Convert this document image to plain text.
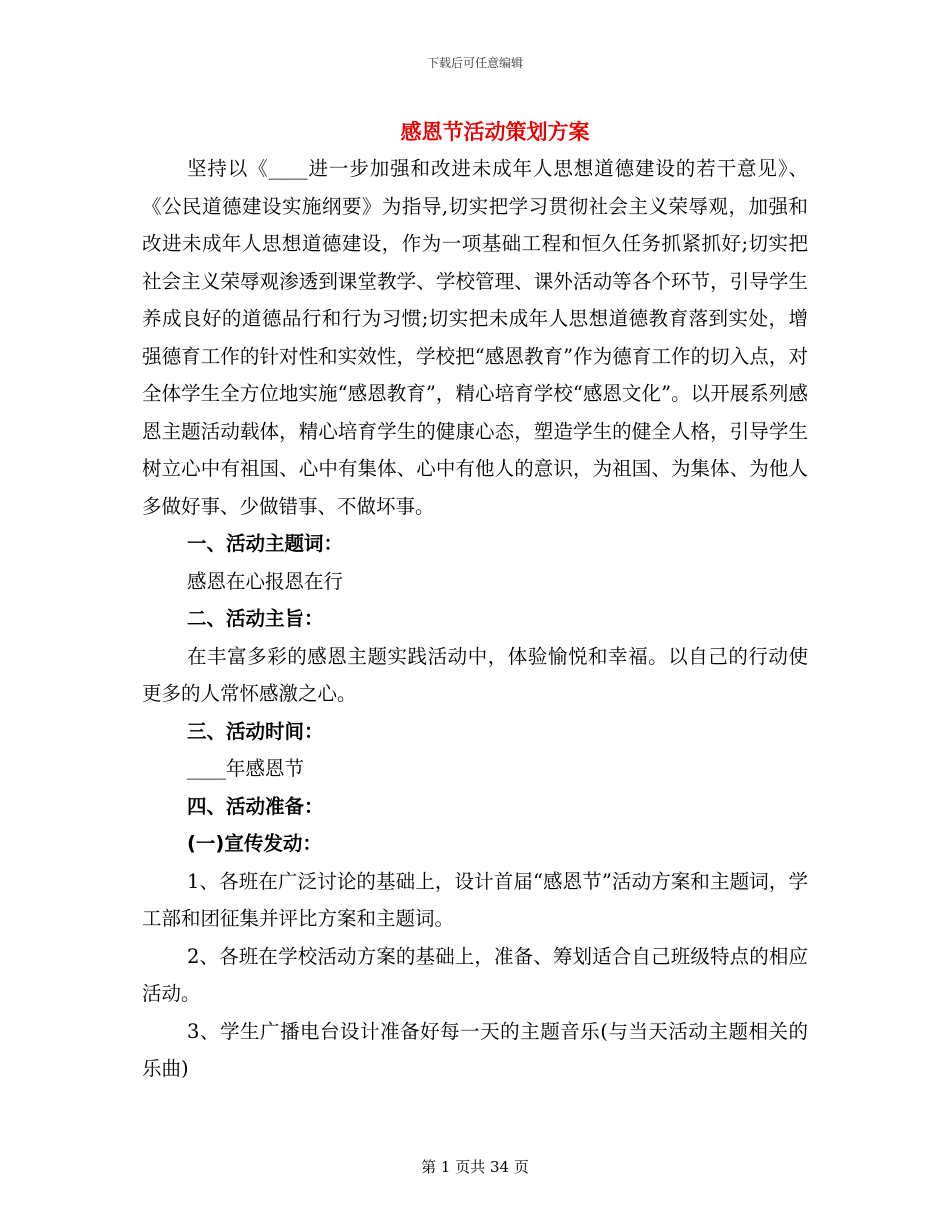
下载后可任意编辑
感恩节活动策划方案

坚持以《____进一步加强和改进未成年人思想道德建设的若干意见》、《公民道德建设实施纲要》为指导,切实把学习贯彻社会主义荣辱观，加强和改进未成年人思想道德建设，作为一项基础工程和恒久任务抓紧抓好;切实把社会主义荣辱观渗透到课堂教学、学校管理、课外活动等各个环节，引导学生养成良好的道德品行和行为习惯;切实把未成年人思想道德教育落到实处，增强德育工作的针对性和实效性，学校把“感恩教育”作为德育工作的切入点，对全体学生全方位地实施“感恩教育”，精心培育学校“感恩文化”。以开展系列感恩主题活动载体，精心培育学生的健康心态，塑造学生的健全人格，引导学生树立心中有祖国、心中有集体、心中有他人的意识，为祖国、为集体、为他人多做好事、少做错事、不做坏事。

一、活动主题词：

感恩在心报恩在行

二、活动主旨：

在丰富多彩的感恩主题实践活动中，体验愉悦和幸福。以自己的行动使更多的人常怀感激之心。

三、活动时间：

____年感恩节

四、活动准备：

(一)宣传发动：

1、各班在广泛讨论的基础上，设计首届“感恩节”活动方案和主题词，学工部和团征集并评比方案和主题词。

2、各班在学校活动方案的基础上，准备、筹划适合自己班级特点的相应活动。

3、学生广播电台设计准备好每一天的主题音乐(与当天活动主题相关的乐曲)

第 1 页共 34 页
